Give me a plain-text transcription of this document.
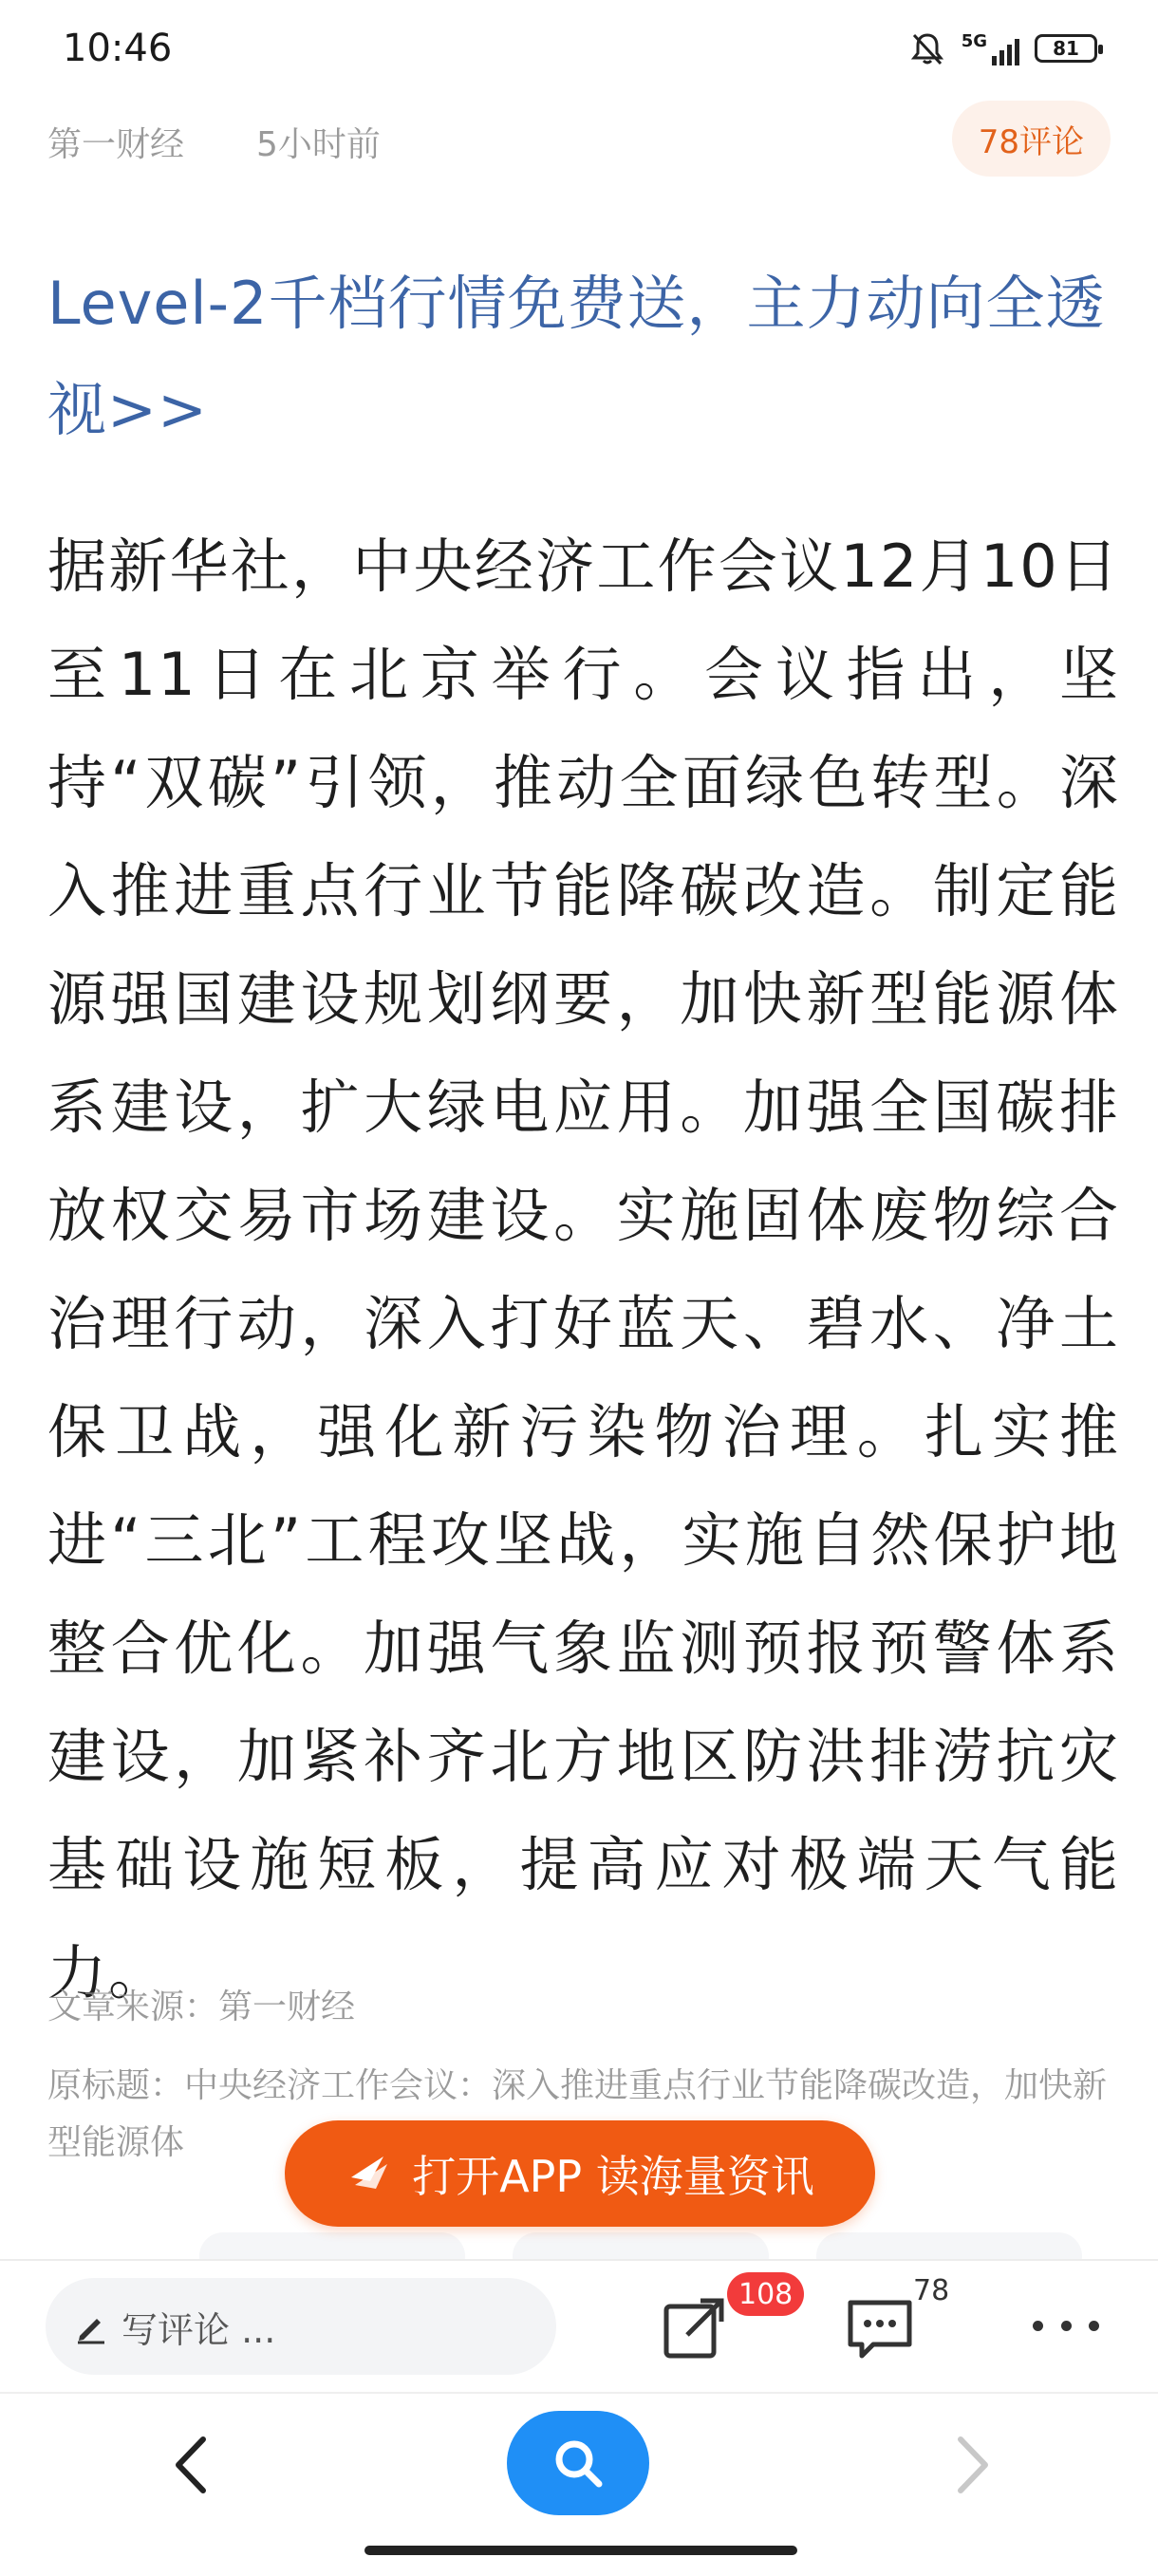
10:46	5G	81
第一财经 5小时前	78评论
Level-2千档行情免费送，主力动向全透视>>
据新华社，中央经济工作会议12月10日至11日在北京举行。会议指出，坚持“双碳”引领，推动全面绿色转型。深入推进重点行业节能降碳改造。制定能源强国建设规划纲要，加快新型能源体系建设，扩大绿电应用。加强全国碳排放权交易市场建设。实施固体废物综合治理行动，深入打好蓝天、碧水、净土保卫战，强化新污染物治理。扎实推进“三北”工程攻坚战，实施自然保护地整合优化。加强气象监测预报预警体系建设，加紧补齐北方地区防洪排涝抗灾基础设施短板，提高应对极端天气能力。
文章来源：第一财经
原标题：中央经济工作会议：深入推进重点行业节能降碳改造，加快新型能源体
打开APP 读海量资讯
写评论 ...
108	78
